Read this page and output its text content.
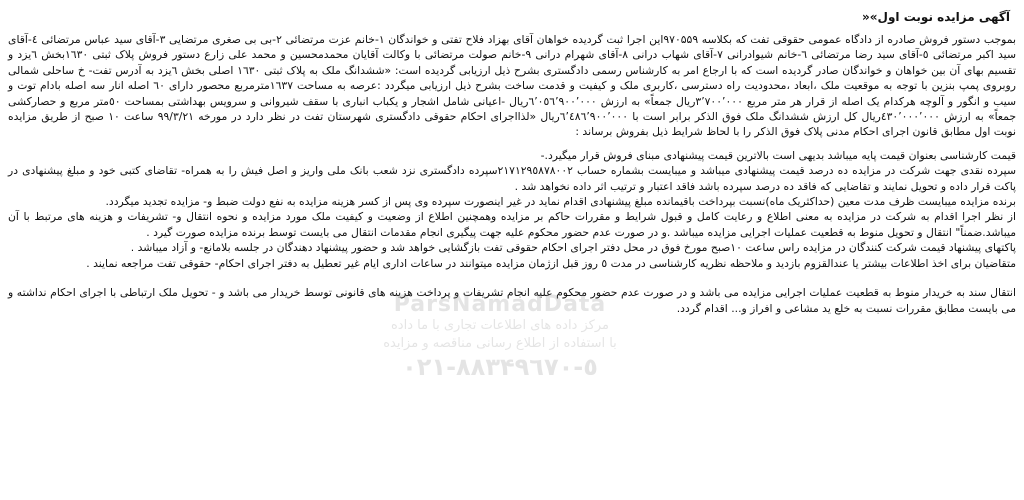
آگهی مزایده نوبت اول»«

بموجب دستور فروش صادره از دادگاه عمومی حقوقی تفت که بکلاسه ۹۷۰۵۵۹این اجرا ثبت گردیده خواهان آقای بهزاد فلاح تفتی و خواندگان ۱-خانم عزت مرتضائی ۲-بی بی صغری مرتضایی ۳-آقای سید عباس مرتضائی ٤-آقای سید اکبر مرتضائی ٥-آقای سید رضا مرتضائی ٦-خانم شیوادرانی ۷-آقای شهاب درانی ۸-آقای شهرام درانی ۹-خانم صولت مرتضائی با وکالت آقایان محمدمحسین و محمد علی زارع دستور فروش پلاک ثبتی ۱٦۳۰بخش ٦یزد و تقسیم بهای آن بین خواهان و خواندگان صادر گردیده است که با ارجاع امر به کارشناس رسمی دادگستری بشرح ذیل ارزیابی گردیده است: «ششدانگ ملک به پلاک ثبتی ۱٦۳۰ اصلی بخش ٦یزد به آدرس تفت- خ ساحلی شمالی روبروی پمپ بنزین با توجه به موقعیت ملک ،ابعاد ،محدودیت راه دسترسی ،کاربری ملک و کیفیت و قدمت ساخت بشرح ذیل ارزیابی میگردد :عرصه به مساحت ۱٦۳۷مترمربع محصور دارای ٦۰ اصله انار سه اصله بادام توت و سیب و انگور و آلوچه هرکدام یک اصله از قرار هر متر مربع ۳٬۷۰۰٬۰۰۰ریال جمعاً» به ارزش ٦٬۰٥٦٬۹۰۰٬۰۰۰ریال -اعیانی شامل اشجار و یکباب انباری با سقف شیروانی و سرویس بهداشتی بمساحت ٥۰متر مربع و حصارکشی جمعاً» به ارزش ٤۳۰٬۰۰۰٬۰۰۰ریال کل ارزش ششدانگ ملک فوق الذکر برابر است با ٦٬٤۸٦٬۹۰۰٬۰۰۰ریال «لذااجرای احکام حقوقی دادگستری شهرستان تفت در نظر دارد در مورخه ۹۹/۳/۲۱ ساعت ۱۰ صبح از طریق مزایده نوبت اول مطابق قانون اجرای احکام مدنی پلاک فوق الذکر را با لحاظ شرایط ذیل بفروش برساند :

قیمت کارشناسی بعنوان قیمت پایه میباشد بدیهی است بالاترین قیمت پیشنهادی مبنای فروش قرار میگیرد.-

سپرده نقدی جهت شرکت در مزایده ده درصد قیمت پیشنهادی میباشد و میبایست بشماره حساب ۲۱۷۱۲۹٥۸۷۸۰۰۲سپرده دادگستری نزد شعب بانک ملی واریز و اصل فیش را به همراه- تقاضای کتبی خود و مبلغ پیشنهادی در پاکت قرار داده و تحویل نمایند و تقاضایی که فاقد ده درصد سپرده باشد فاقد اعتبار و ترتیب اثر داده نخواهد شد .

برنده مزایده میبایست ظرف مدت معین (حداکثریک ماه)نسبت بپرداخت باقیمانده مبلغ پیشنهادی اقدام نماید در غیر اینصورت سپرده وی پس از کسر هزینه مزایده به نفع دولت ضبط و- مزایده تجدید میگردد.

از نظر اجرا اقدام به شرکت در مزایده به معنی اطلاع و رعایت کامل و قبول شرایط و مقررات حاکم بر مزایده وهمچنین اطلاع از وضعیت و کیفیت ملک مورد مزایده و نحوه انتقال و- تشریفات و هزینه های مرتبط با آن میباشد.ضمناً" انتقال و تحویل منوط به قطعیت عملیات اجرایی مزایده میباشد .و در صورت عدم حضور محکوم علیه جهت پیگیری انجام مقدمات انتقال می بایست توسط برنده مزایده صورت گیرد .

پاکتهای پیشنهاد قیمت شرکت کنندگان در مزایده راس ساعت ۱۰صبح مورخ فوق در محل دفتر اجرای احکام حقوقی تفت بازگشایی خواهد شد و حضور پیشنهاد دهندگان در جلسه بلامانع- و آزاد میباشد .

متقاضیان برای اخذ اطلاعات بیشتر یا عندالقزوم بازدید و ملاحظه نظریه کارشناسی در مدت ٥ روز قبل ازژمان مزایده میتوانند در ساعات اداری ایام غیر تعطیل به دفتر اجرای احکام- حقوقی تفت مراجعه نمایند .

انتقال سند به خریدار منوط به قطعیت عملیات اجرایی مزایده می باشد و در صورت عدم حضور محکوم علیه انجام تشریفات و پرداخت هزینه های قانونی توسط خریدار می باشد و - تحویل ملک ارتباطی با اجرای احکام نداشته و می بایست مطابق مقررات نسبت به خلع ید مشاعی و افراز و... اقدام گردد.

ParsNamadData
مرکز داده های اطلاعات تجاری با ما داده
با استفاده از اطلاع رسانی مناقصه و مزایده
۰۲۱-۸۸۳۴۹٦۷۰-٥
